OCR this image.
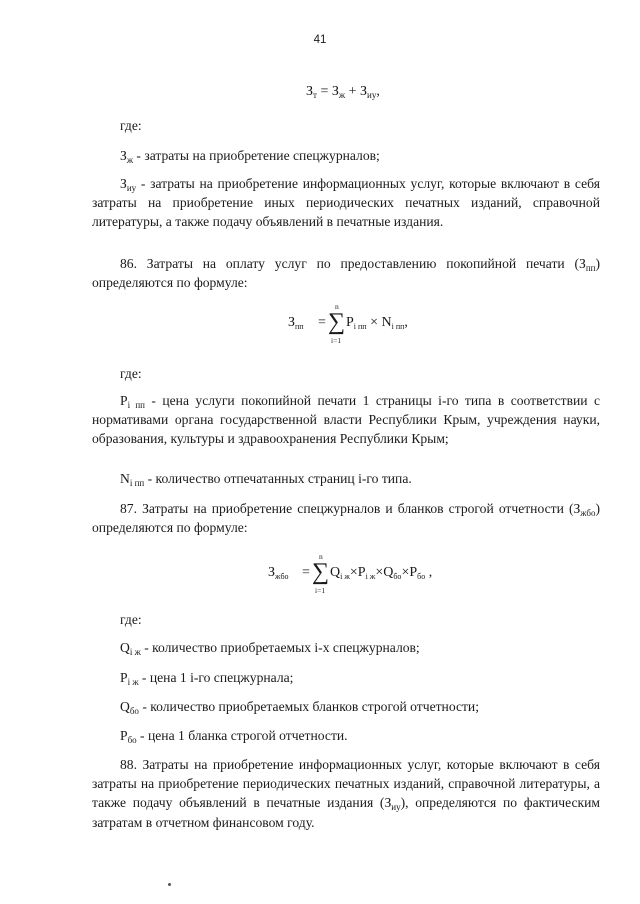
41
$З_т = З_ж + З_{иу}$,
где:
$З_ж$ - затраты на приобретение спецжурналов;
$З_{иу}$ - затраты на приобретение информационных услуг, которые включают в себя затраты на приобретение иных периодических печатных изданий, справочной литературы, а также подачу объявлений в печатные издания.
86. Затраты на оплату услуг по предоставлению покопийной печати $(З_{пп})$ определяются по формуле:
$З_{пп}$ =
n
∑
i=1
$P_{i пп} \times N_{i пп}$,
где:
$P_{i пп}$ - цена услуги покопийной печати 1 страницы i-го типа в соответствии с нормативами органа государственной власти Республики Крым, учреждения науки, образования, культуры и здравоохранения Республики Крым;
$N_{i пп}$ - количество отпечатанных страниц i-го типа.
87. Затраты на приобретение спецжурналов и бланков строгой отчетности $(З_{жбо})$ определяются по формуле:
$З_{жбо}$ =
n
∑
i=1
$Q_{i ж}\times P_{i ж}\times Q_{бо}\times P_{бо}$ ,
где:
$Q_{i ж}$ - количество приобретаемых i-х спецжурналов;
$P_{i ж}$ - цена 1 i-го спецжурнала;
$Q_{бо}$ - количество приобретаемых бланков строгой отчетности;
$P_{бо}$ - цена 1 бланка строгой отчетности.
88. Затраты на приобретение информационных услуг, которые включают в себя затраты на приобретение периодических печатных изданий, справочной литературы, а также подачу объявлений в печатные издания $(З_{иу})$, определяются по фактическим затратам в отчетном финансовом году.
